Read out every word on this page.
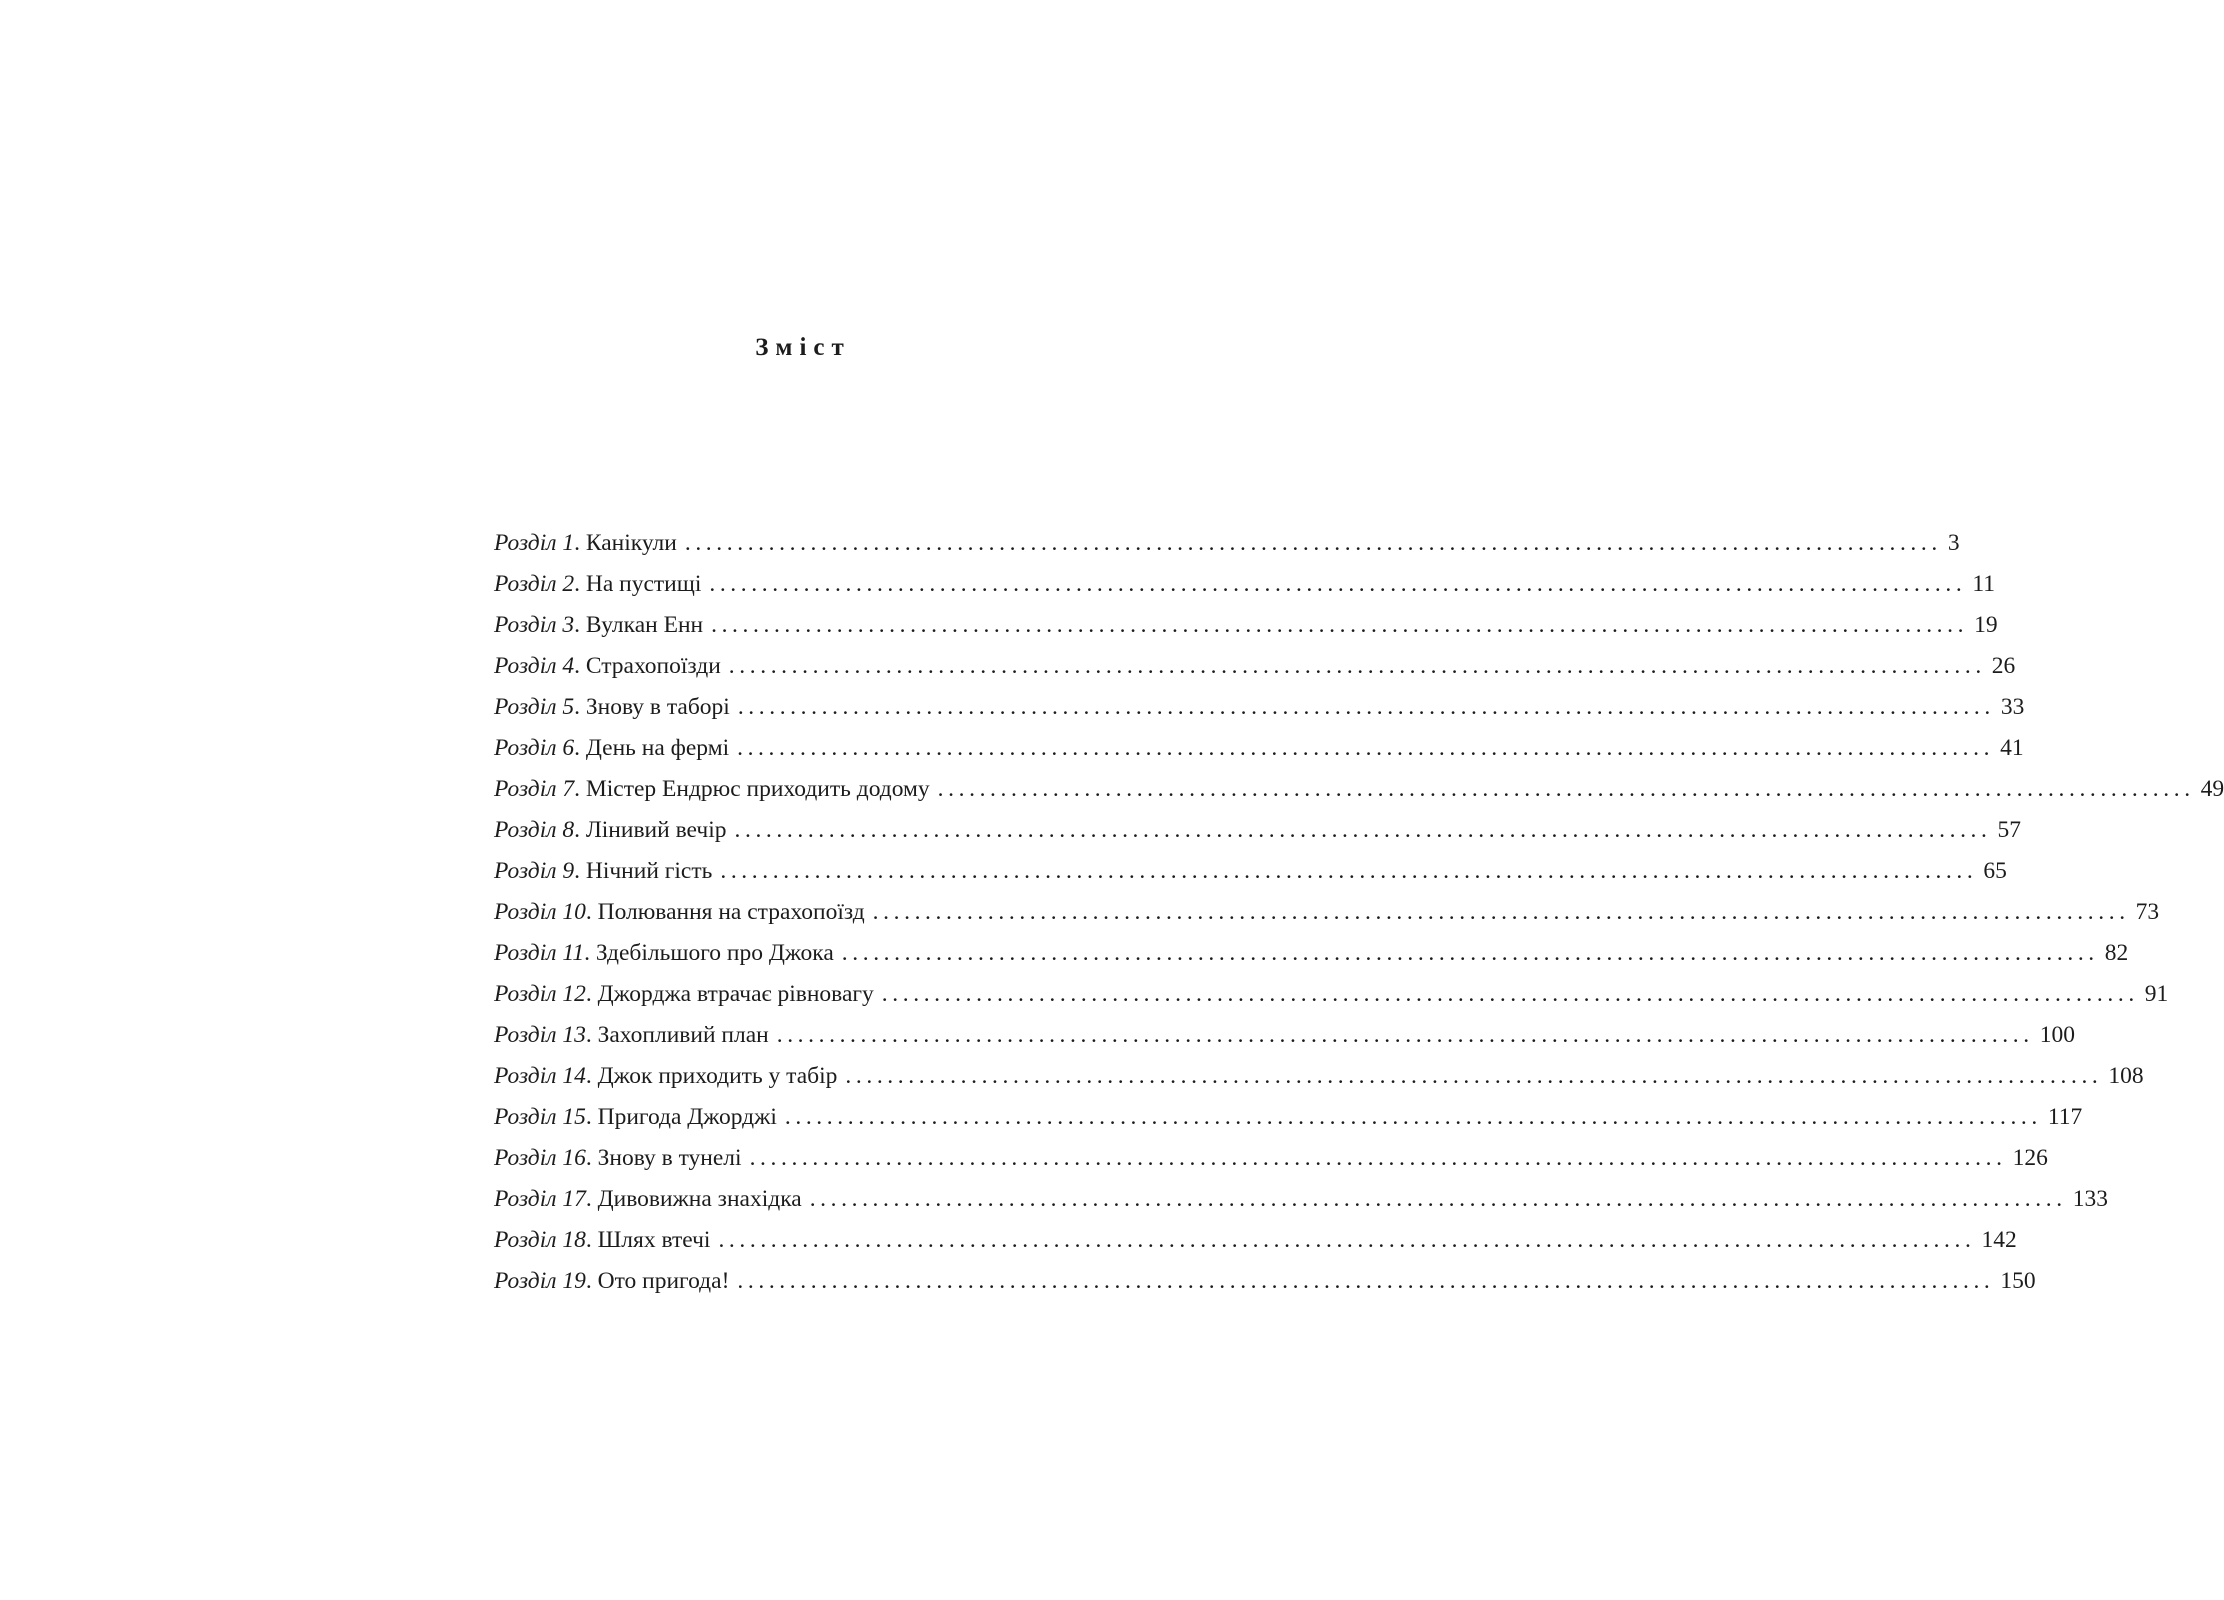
Зміст
Розділ 1. Канікули ........................................................................................................................ 3
Розділ 2. На пустищі ........................................................................................................................ 11
Розділ 3. Вулкан Енн ........................................................................................................................ 19
Розділ 4. Страхопоїзди ........................................................................................................................ 26
Розділ 5. Знову в таборі ........................................................................................................................ 33
Розділ 6. День на фермі ........................................................................................................................ 41
Розділ 7. Містер Ендрюс приходить додому ........................................................................................................................ 49
Розділ 8. Лінивий вечір ........................................................................................................................ 57
Розділ 9. Нічний гість ........................................................................................................................ 65
Розділ 10. Полювання на страхопоїзд ........................................................................................................................ 73
Розділ 11. Здебільшого про Джока ........................................................................................................................ 82
Розділ 12. Джорджа втрачає рівновагу ........................................................................................................................ 91
Розділ 13. Захопливий план ........................................................................................................................ 100
Розділ 14. Джок приходить у табір ........................................................................................................................ 108
Розділ 15. Пригода Джорджі ........................................................................................................................ 117
Розділ 16. Знову в тунелі ........................................................................................................................ 126
Розділ 17. Дивовижна знахідка ........................................................................................................................ 133
Розділ 18. Шлях втечі ........................................................................................................................ 142
Розділ 19. Ото пригода! ........................................................................................................................ 150
